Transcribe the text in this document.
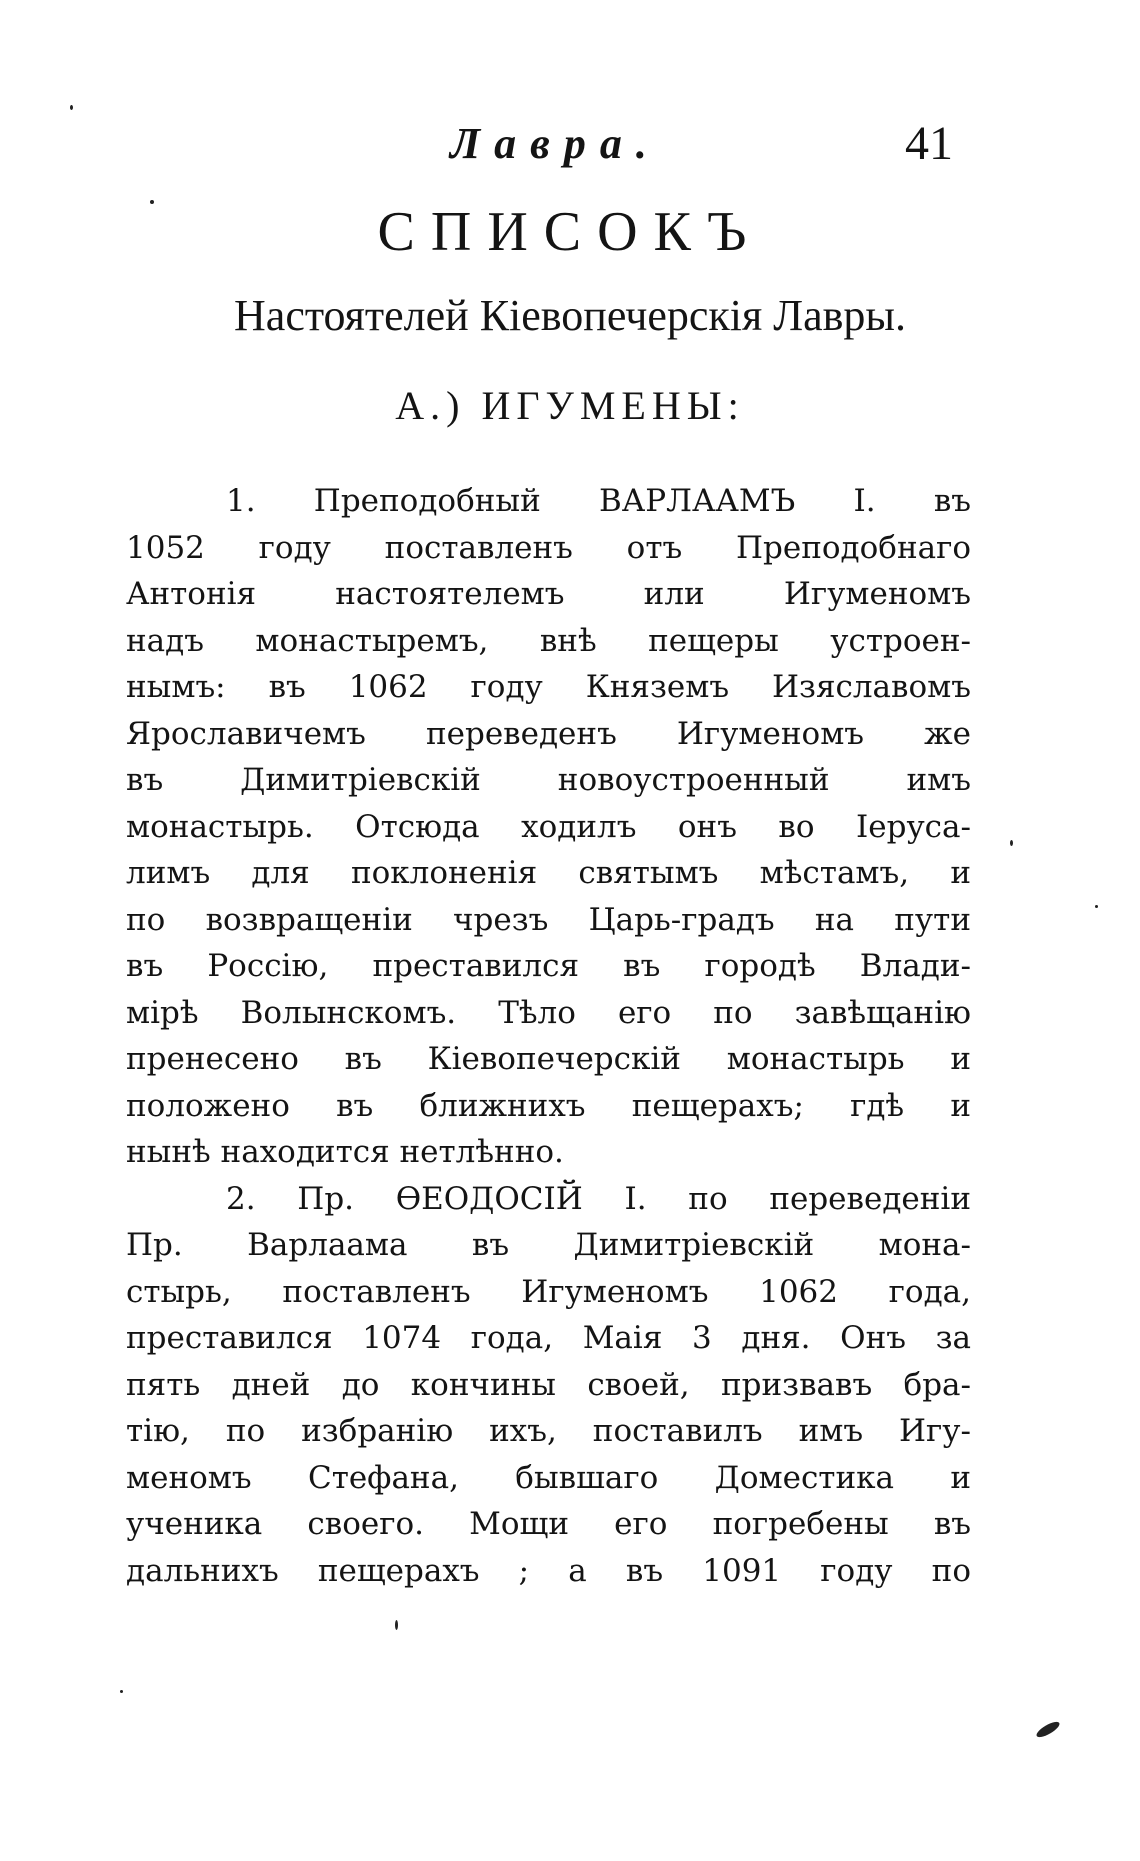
Лавра.	41
СПИСОКЪ
Настоятелей Кіевопечерскія Лавры.
А.) ИГУМЕНЫ:
1. Преподобный ВАРЛААМЪ I. въ
1052 году поставленъ отъ Преподобнаго
Антонія настоятелемъ или Игуменомъ
надъ монастыремъ, внѣ пещеры устроен-
нымъ: въ 1062 году Княземъ Изяславомъ
Ярославичемъ переведенъ Игуменомъ же
въ Димитріевскій новоустроенный имъ
монастырь. Отсюда ходилъ онъ во Іеруса-
лимъ для поклоненія святымъ мѣстамъ, и
по возвращеніи чрезъ Царь-градъ на пути
въ Россію, преставился въ городѣ Влади-
мірѣ Волынскомъ. Тѣло его по завѣщанію
пренесено въ Кіевопечерскій монастырь и
положено въ ближнихъ пещерахъ; гдѣ и
нынѣ находится нетлѣнно.
2. Пр. ѲЕОДОСІЙ I. по переведеніи
Пр. Варлаама въ Димитріевскій мона-
стырь, поставленъ Игуменомъ 1062 года,
преставился 1074 года, Маія 3 дня. Онъ за
пять дней до кончины своей, призвавъ бра-
тію, по избранію ихъ, поставилъ имъ Игу-
меномъ Стефана, бывшаго Доместика и
ученика своего. Мощи его погребены въ
дальнихъ пещерахъ ; а въ 1091 году по
